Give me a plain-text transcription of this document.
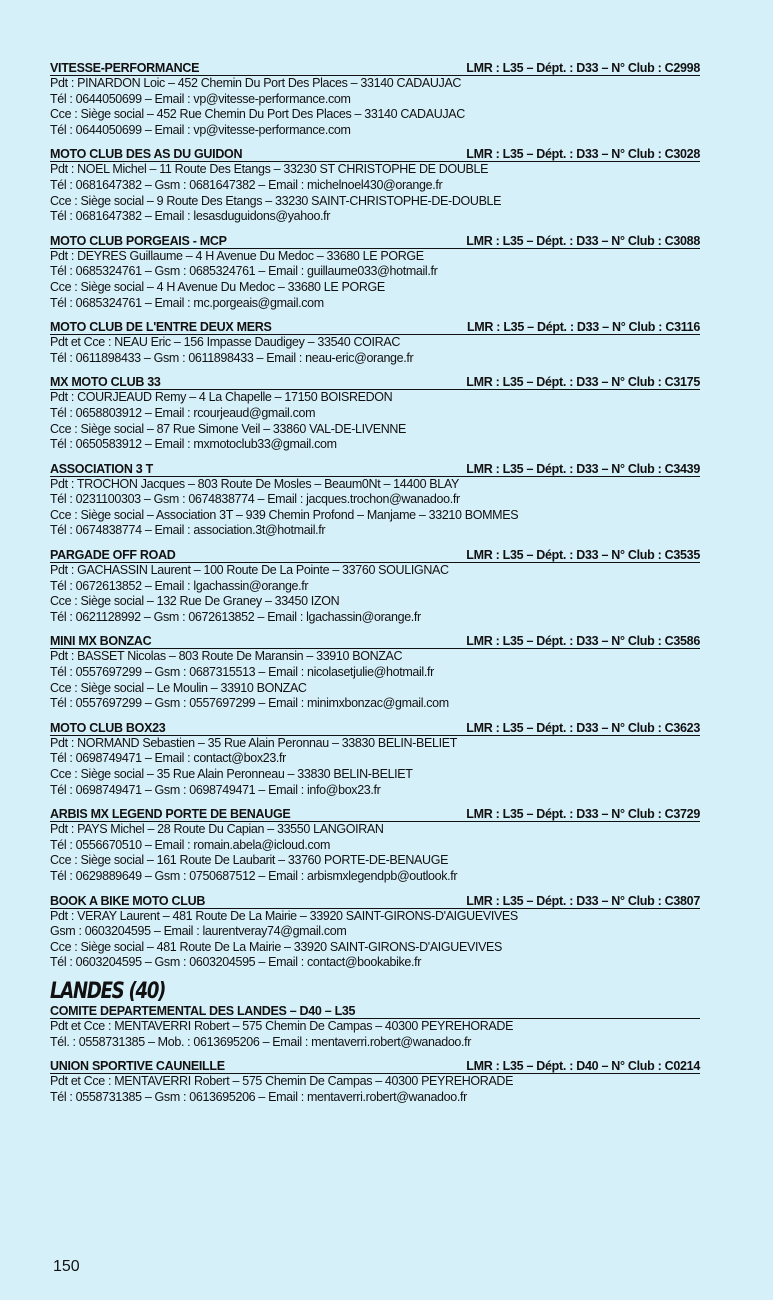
VITESSE-PERFORMANCE	LMR : L35 – Dépt. : D33 – N° Club : C2998
Pdt : PINARDON Loic – 452 Chemin Du Port Des Places – 33140 CADAUJAC
Tél : 0644050699 – Email : vp@vitesse-performance.com
Cce : Siège social – 452 Rue Chemin Du Port Des Places – 33140 CADAUJAC
Tél : 0644050699 – Email : vp@vitesse-performance.com
MOTO CLUB DES AS DU GUIDON	LMR : L35 – Dépt. : D33 – N° Club : C3028
Pdt : NOEL Michel – 11 Route Des Etangs – 33230 ST CHRISTOPHE DE DOUBLE
Tél : 0681647382 – Gsm : 0681647382 – Email : michelnoel430@orange.fr
Cce : Siège social – 9 Route Des Etangs – 33230 SAINT-CHRISTOPHE-DE-DOUBLE
Tél : 0681647382 – Email : lesasduguidons@yahoo.fr
MOTO CLUB PORGEAIS - MCP	LMR : L35 – Dépt. : D33 – N° Club : C3088
Pdt : DEYRES Guillaume – 4 H Avenue Du Medoc – 33680 LE PORGE
Tél : 0685324761 – Gsm : 0685324761 – Email : guillaume033@hotmail.fr
Cce : Siège social – 4 H Avenue Du Medoc – 33680 LE PORGE
Tél : 0685324761 – Email : mc.porgeais@gmail.com
MOTO CLUB DE L'ENTRE DEUX MERS	LMR : L35 – Dépt. : D33 – N° Club : C3116
Pdt et Cce : NEAU Eric – 156 Impasse Daudigey – 33540 COIRAC
Tél : 0611898433 – Gsm : 0611898433 – Email : neau-eric@orange.fr
MX MOTO CLUB 33	LMR : L35 – Dépt. : D33 – N° Club : C3175
Pdt : COURJEAUD Remy – 4 La Chapelle – 17150 BOISREDON
Tél : 0658803912 – Email : rcourjeaud@gmail.com
Cce : Siège social – 87 Rue Simone Veil – 33860 VAL-DE-LIVENNE
Tél : 0650583912 – Email : mxmotoclub33@gmail.com
ASSOCIATION 3 T	LMR : L35 – Dépt. : D33 – N° Club : C3439
Pdt : TROCHON Jacques – 803 Route De Mosles – Beaum0Nt – 14400 BLAY
Tél : 0231100303 – Gsm : 0674838774 – Email : jacques.trochon@wanadoo.fr
Cce : Siège social – Association 3T – 939 Chemin Profond – Manjame – 33210 BOMMES
Tél : 0674838774 – Email : association.3t@hotmail.fr
PARGADE OFF ROAD	LMR : L35 – Dépt. : D33 – N° Club : C3535
Pdt : GACHASSIN Laurent – 100 Route De La Pointe – 33760 SOULIGNAC
Tél : 0672613852 – Email : lgachassin@orange.fr
Cce : Siège social – 132 Rue De Graney – 33450 IZON
Tél : 0621128992 – Gsm : 0672613852 – Email : lgachassin@orange.fr
MINI MX BONZAC	LMR : L35 – Dépt. : D33 – N° Club : C3586
Pdt : BASSET Nicolas – 803 Route De Maransin – 33910 BONZAC
Tél : 0557697299 – Gsm : 0687315513 – Email : nicolasetjulie@hotmail.fr
Cce : Siège social – Le Moulin – 33910 BONZAC
Tél : 0557697299 – Gsm : 0557697299 – Email : minimxbonzac@gmail.com
MOTO CLUB BOX23	LMR : L35 – Dépt. : D33 – N° Club : C3623
Pdt : NORMAND Sebastien – 35 Rue Alain Peronnau – 33830 BELIN-BELIET
Tél : 0698749471 – Email : contact@box23.fr
Cce : Siège social – 35 Rue Alain Peronneau – 33830 BELIN-BELIET
Tél : 0698749471 – Gsm : 0698749471 – Email : info@box23.fr
ARBIS MX LEGEND PORTE DE BENAUGE	LMR : L35 – Dépt. : D33 – N° Club : C3729
Pdt : PAYS Michel – 28 Route Du Capian – 33550 LANGOIRAN
Tél : 0556670510 – Email : romain.abela@icloud.com
Cce : Siège social – 161 Route De Laubarit – 33760 PORTE-DE-BENAUGE
Tél : 0629889649 – Gsm : 0750687512 – Email : arbismxlegendpb@outlook.fr
BOOK A BIKE MOTO CLUB	LMR : L35 – Dépt. : D33 – N° Club : C3807
Pdt : VERAY Laurent – 481 Route De La Mairie – 33920 SAINT-GIRONS-D'AIGUEVIVES
Gsm : 0603204595 – Email : laurentveray74@gmail.com
Cce : Siège social – 481 Route De La Mairie – 33920 SAINT-GIRONS-D'AIGUEVIVES
Tél : 0603204595 – Gsm : 0603204595 – Email : contact@bookabike.fr
LANDES (40)
COMITE DEPARTEMENTAL DES LANDES – D40 – L35
Pdt et Cce : MENTAVERRI Robert – 575 Chemin De Campas – 40300 PEYREHORADE
Tél. : 0558731385 – Mob. : 0613695206 – Email : mentaverri.robert@wanadoo.fr
UNION SPORTIVE CAUNEILLE	LMR : L35 – Dépt. : D40 – N° Club : C0214
Pdt et Cce : MENTAVERRI Robert – 575 Chemin De Campas – 40300 PEYREHORADE
Tél : 0558731385 – Gsm : 0613695206 – Email : mentaverri.robert@wanadoo.fr
150
